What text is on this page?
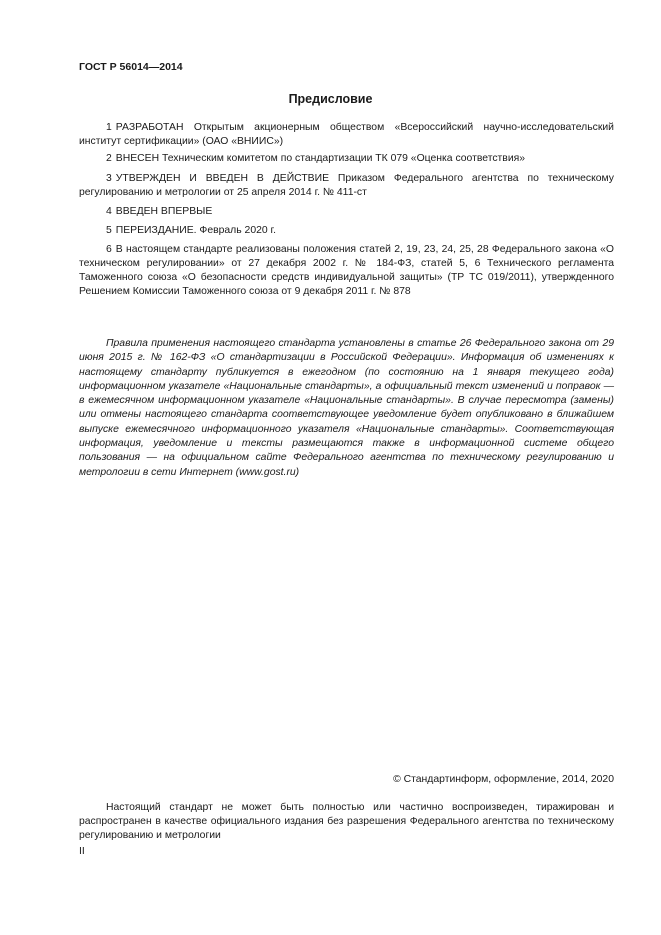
ГОСТ Р 56014—2014
Предисловие
1 РАЗРАБОТАН Открытым акционерным обществом «Всероссийский научно-исследовательский институт сертификации» (ОАО «ВНИИС»)
2 ВНЕСЕН Техническим комитетом по стандартизации ТК 079 «Оценка соответствия»
3 УТВЕРЖДЕН И ВВЕДЕН В ДЕЙСТВИЕ Приказом Федерального агентства по техническому регулированию и метрологии от 25 апреля 2014 г. № 411-ст
4 ВВЕДЕН ВПЕРВЫЕ
5 ПЕРЕИЗДАНИЕ. Февраль 2020 г.
6 В настоящем стандарте реализованы положения статей 2, 19, 23, 24, 25, 28 Федерального закона «О техническом регулировании» от 27 декабря 2002 г. № 184-ФЗ, статей 5, 6 Технического регламента Таможенного союза «О безопасности средств индивидуальной защиты» (ТР ТС 019/2011), утвержденного Решением Комиссии Таможенного союза от 9 декабря 2011 г. № 878
Правила применения настоящего стандарта установлены в статье 26 Федерального закона от 29 июня 2015 г. № 162-ФЗ «О стандартизации в Российской Федерации». Информация об изменениях к настоящему стандарту публикуется в ежегодном (по состоянию на 1 января текущего года) информационном указателе «Национальные стандарты», а официальный текст изменений и поправок — в ежемесячном информационном указателе «Национальные стандарты». В случае пересмотра (замены) или отмены настоящего стандарта соответствующее уведомление будет опубликовано в ближайшем выпуске ежемесячного информационного указателя «Национальные стандарты». Соответствующая информация, уведомление и тексты размещаются также в информационной системе общего пользования — на официальном сайте Федерального агентства по техническому регулированию и метрологии в сети Интернет (www.gost.ru)
© Стандартинформ, оформление, 2014, 2020
Настоящий стандарт не может быть полностью или частично воспроизведен, тиражирован и распространен в качестве официального издания без разрешения Федерального агентства по техническому регулированию и метрологии
II
